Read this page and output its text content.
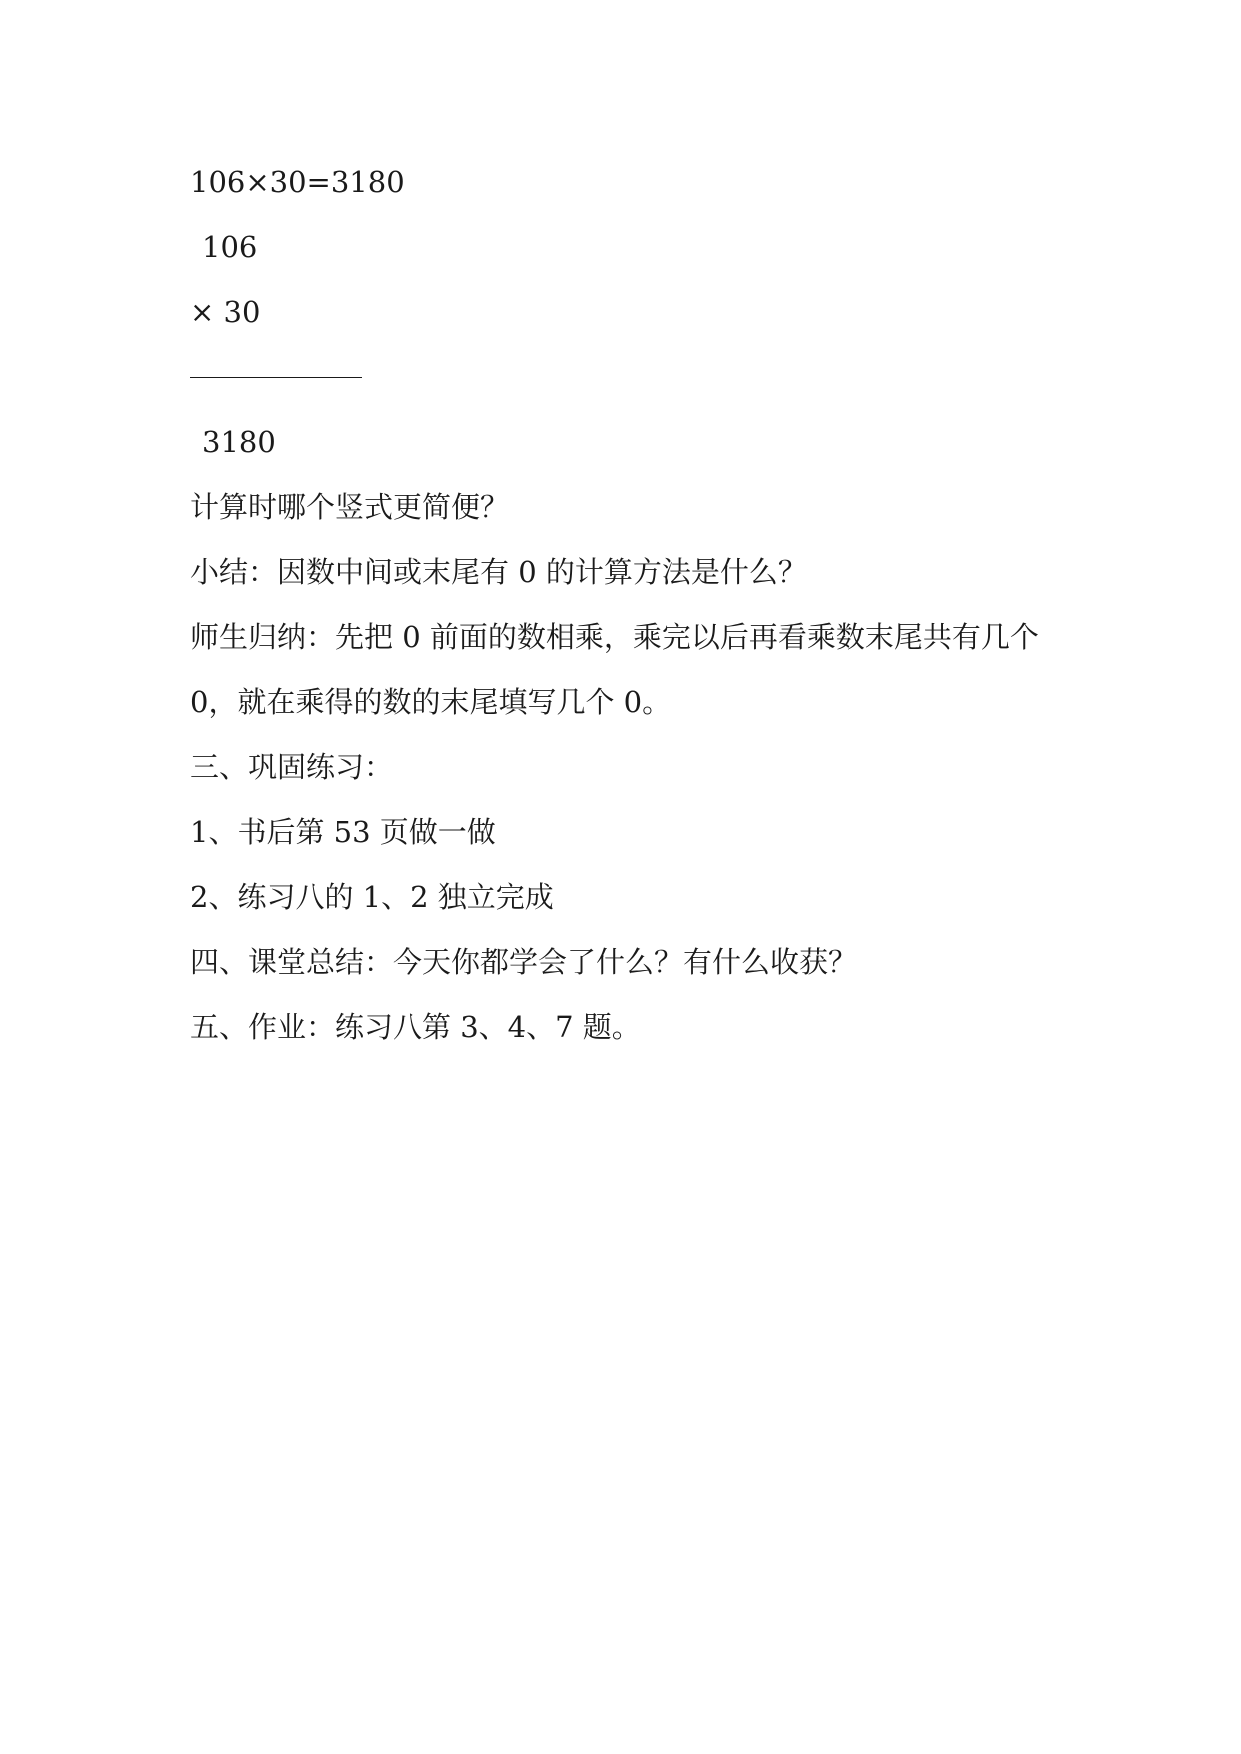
106×30=3180
106
× 30
3180
计算时哪个竖式更简便？
小结：因数中间或末尾有 0 的计算方法是什么？
师生归纳：先把 0 前面的数相乘，乘完以后再看乘数末尾共有几个
0，就在乘得的数的末尾填写几个 0。
三、巩固练习：
1、书后第 53 页做一做
2、练习八的 1、2 独立完成
四、课堂总结：今天你都学会了什么？有什么收获？
五、作业：练习八第 3、4、7 题。
